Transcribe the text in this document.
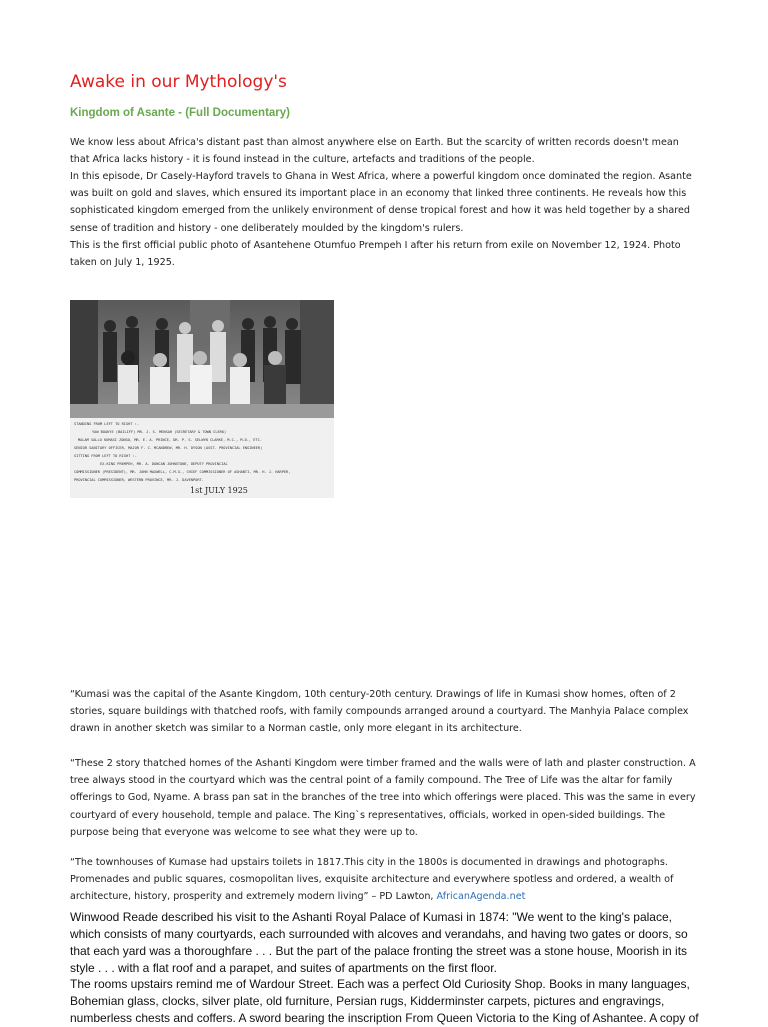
Awake in our Mythology's
Kingdom of Asante - (Full Documentary)

We know less about Africa's distant past than almost anywhere else on Earth. But the scarcity of written records doesn't mean that Africa lacks history - it is found instead in the culture, artefacts and traditions of the people.

In this episode, Dr Casely-Hayford travels to Ghana in West Africa, where a powerful kingdom once dominated the region. Asante was built on gold and slaves, which ensured its important place in an economy that linked three continents. He reveals how this sophisticated kingdom emerged from the unlikely environment of dense tropical forest and how it was held together by a shared sense of tradition and history - one deliberately moulded by the kingdom's rulers.

This is the first official public photo of Asantehene Otumfuo Prempeh I after his return from exile on November 12, 1924. Photo taken on July 1, 1925.

STANDING FROM LEFT TO RIGHT :-
YAW BOAKYE (BAILIFF) MR. J. S. MENSAH (SECRETARY & TOWN CLERK)
MALAM SALLO KUMASI ZONGO, MR. E. A. PRINCE, DR. P. S. SELWYN CLARKE, M.C., M.D., ETC.
SENIOR SANITARY OFFICER, MAJOR F. C. MCANDREW, MR. H. DYSON (ASST. PROVINCIAL ENGINEER)
SITTING FROM LEFT TO RIGHT :-
EX-KING PREMPEH, MR. A. DUNCAN JOHNSTONE, DEPUTY PROVINCIAL
COMMISSIONER (PRESIDENT), MR. JOHN MAXWELL, C.M.G., CHIEF COMMISSIONER OF ASHANTI, MR. H. J. HARPER,
PROVINCIAL COMMISSIONER, WESTERN PROVINCE, MR. J. DAVENPORT.
1st JULY 1925

“Kumasi was the capital of the Asante Kingdom, 10th century-20th century. Drawings of life in Kumasi show homes, often of 2 stories, square buildings with thatched roofs, with family compounds arranged around a courtyard. The Manhyia Palace complex drawn in another sketch was similar to a Norman castle, only more elegant in its architecture.

“These 2 story thatched homes of the Ashanti Kingdom were timber framed and the walls were of lath and plaster construction. A tree always stood in the courtyard which was the central point of a family compound. The Tree of Life was the altar for family offerings to God, Nyame. A brass pan sat in the branches of the tree into which offerings were placed. This was the same in every courtyard of every household, temple and palace. The King`s representatives, officials, worked in open-sided buildings. The purpose being that everyone was welcome to see what they were up to.

“The townhouses of Kumase had upstairs toilets in 1817.This city in the 1800s is documented in drawings and photographs. Promenades and public squares, cosmopolitan lives, exquisite architecture and everywhere spotless and ordered, a wealth of architecture, history, prosperity and extremely modern living” – PD Lawton, AfricanAgenda.net

Winwood Reade described his visit to the Ashanti Royal Palace of Kumasi in 1874: "We went to the king's palace, which consists of many courtyards, each surrounded with alcoves and verandahs, and having two gates or doors, so that each yard was a thoroughfare . . . But the part of the palace fronting the street was a stone house, Moorish in its style . . . with a flat roof and a parapet, and suites of apartments on the first floor.

The rooms upstairs remind me of Wardour Street. Each was a perfect Old Curiosity Shop. Books in many languages, Bohemian glass, clocks, silver plate, old furniture, Persian rugs, Kidderminster carpets, pictures and engravings, numberless chests and coffers. A sword bearing the inscription From Queen Victoria to the King of Ashantee. A copy of
